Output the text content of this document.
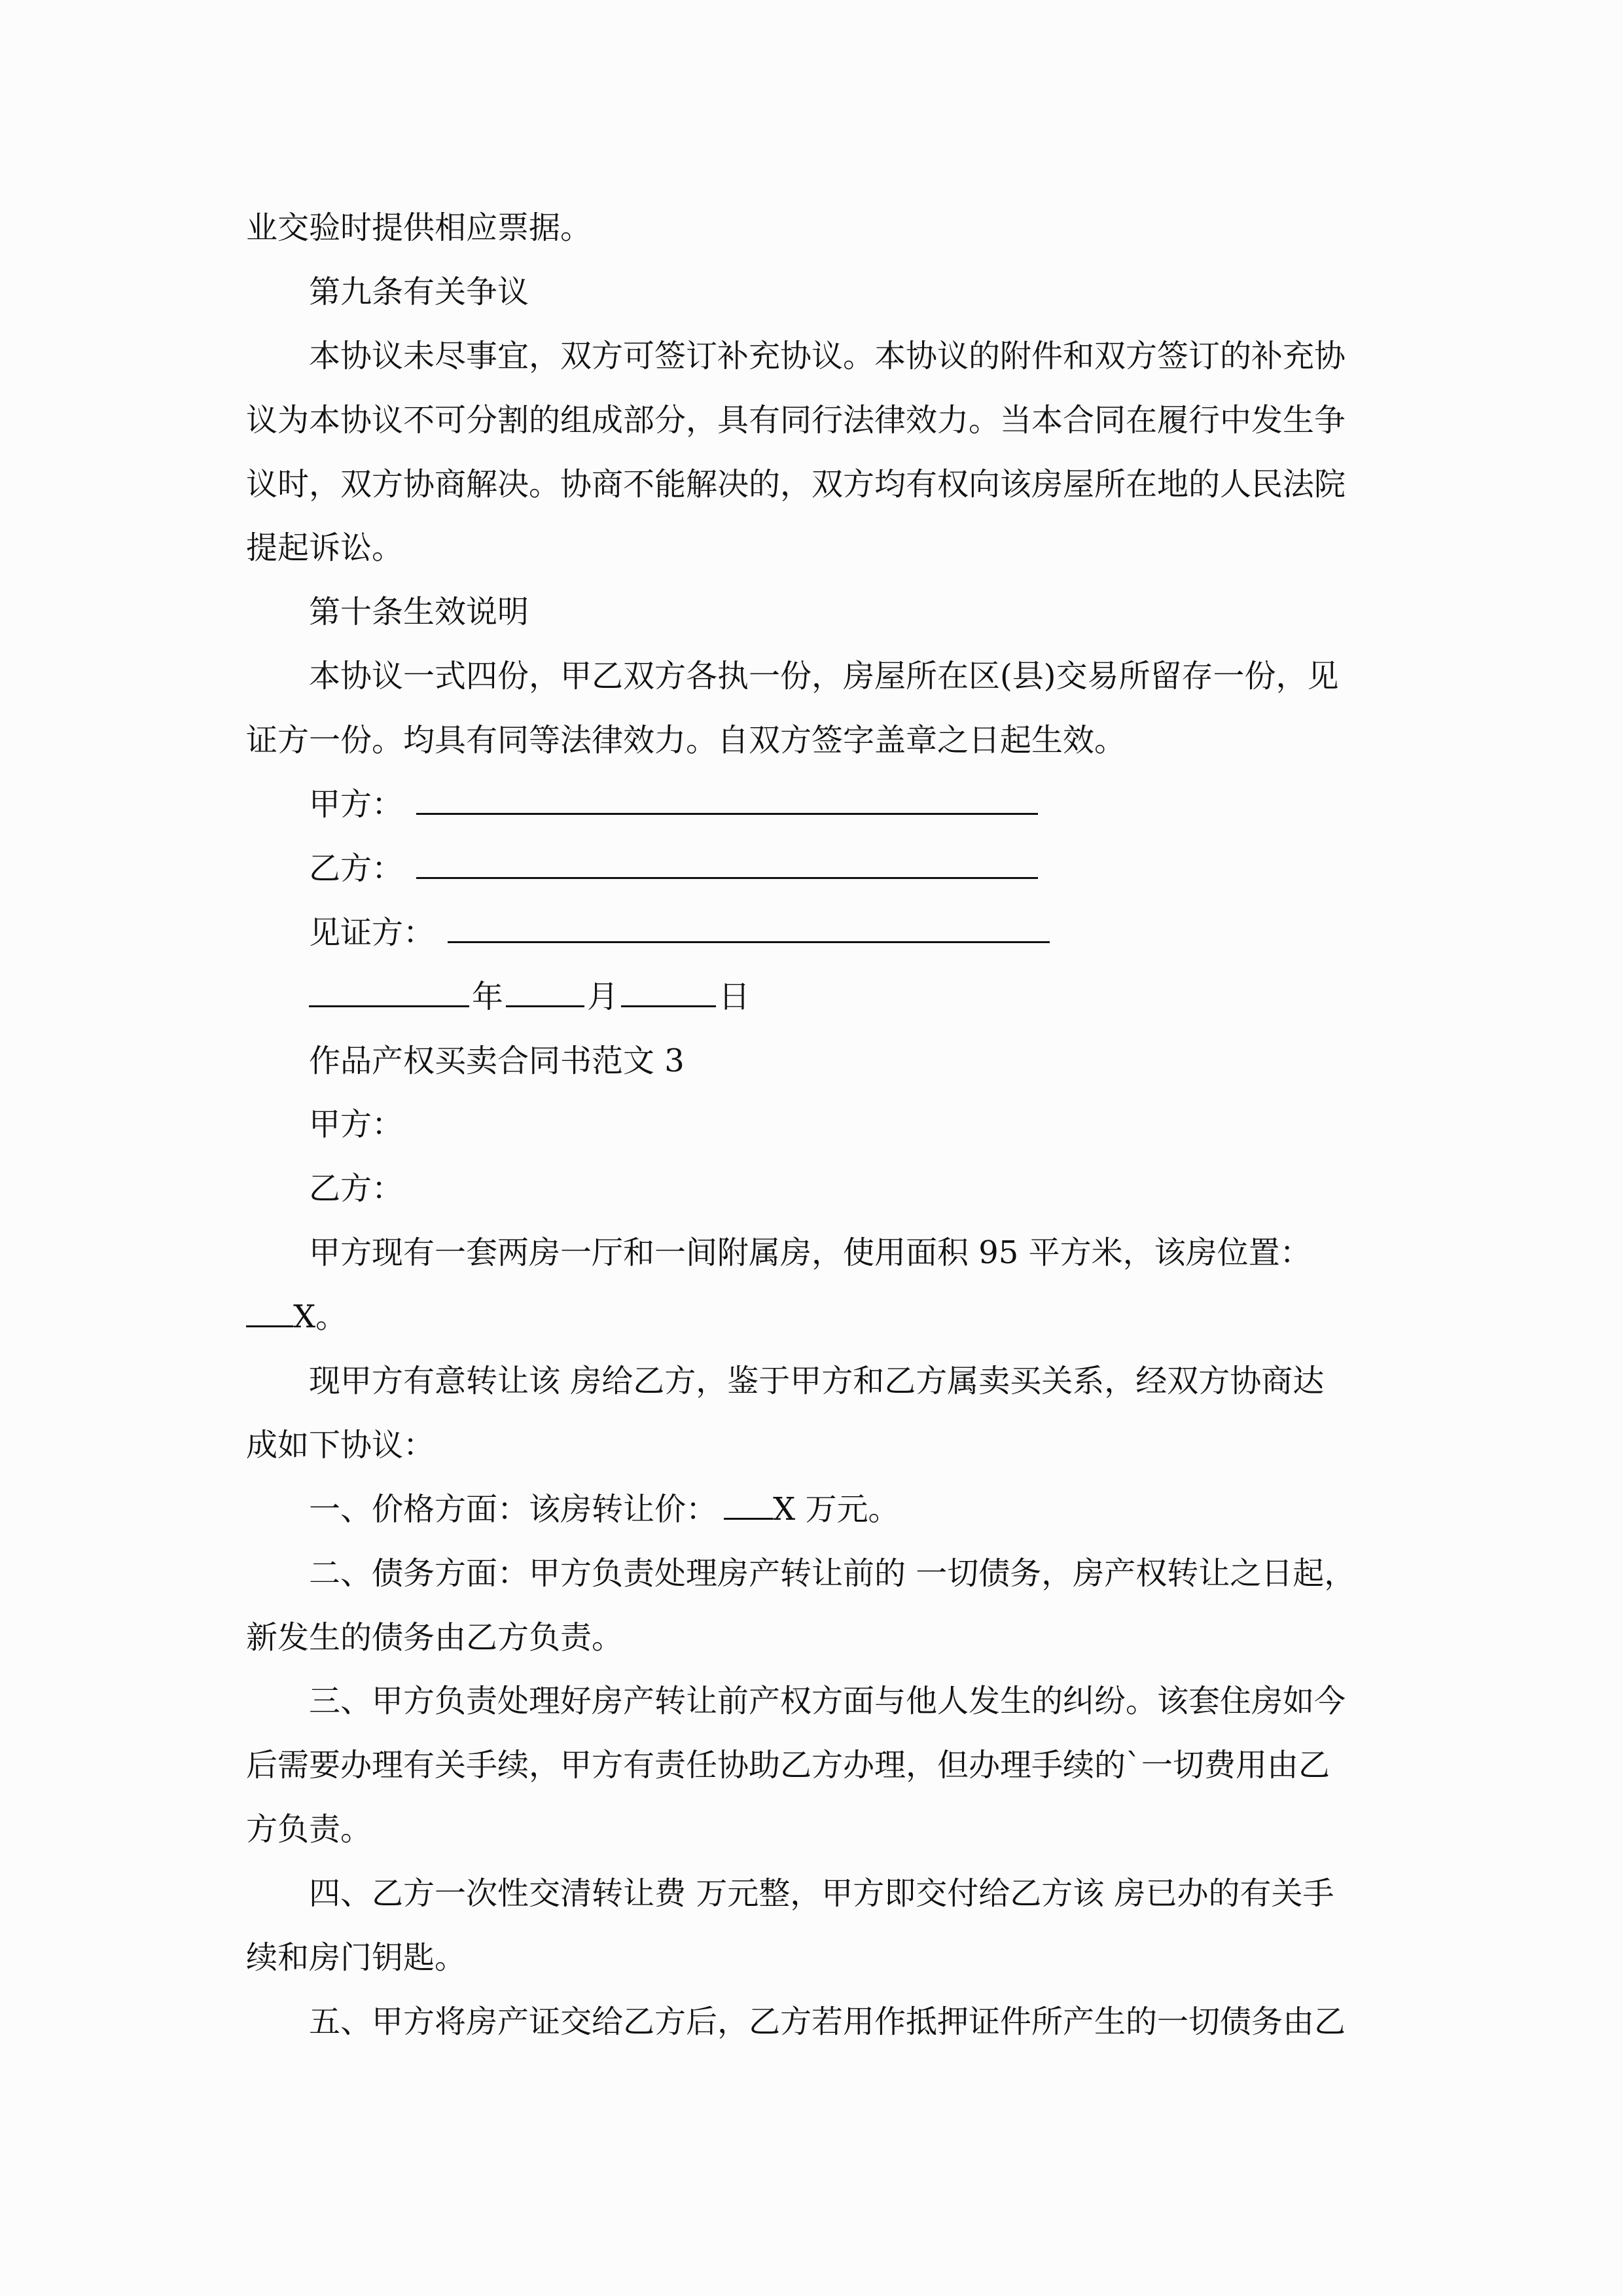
业交验时提供相应票据。
第九条有关争议
本协议未尽事宜，双方可签订补充协议。本协议的附件和双方签订的补充协
议为本协议不可分割的组成部分，具有同行法律效力。当本合同在履行中发生争
议时，双方协商解决。协商不能解决的，双方均有权向该房屋所在地的人民法院
提起诉讼。
第十条生效说明
本协议一式四份，甲乙双方各执一份，房屋所在区(县)交易所留存一份，见
证方一份。均具有同等法律效力。自双方签字盖章之日起生效。
甲方：
乙方：
见证方：
年	月	日
作品产权买卖合同书范文 3
甲方：
乙方：
甲方现有一套两房一厅和一间附属房，使用面积 95 平方米，该房位置：
X。
现甲方有意转让该 房给乙方，鉴于甲方和乙方属卖买关系，经双方协商达
成如下协议：
一、价格方面：该房转让价： X 万元。
二、债务方面：甲方负责处理房产转让前的 一切债务，房产权转让之日起，
新发生的债务由乙方负责。
三、甲方负责处理好房产转让前产权方面与他人发生的纠纷。该套住房如今
后需要办理有关手续，甲方有责任协助乙方办理，但办理手续的`一切费用由乙
方负责。
四、乙方一次性交清转让费 万元整，甲方即交付给乙方该 房已办的有关手
续和房门钥匙。
五、甲方将房产证交给乙方后，乙方若用作抵押证件所产生的一切债务由乙
